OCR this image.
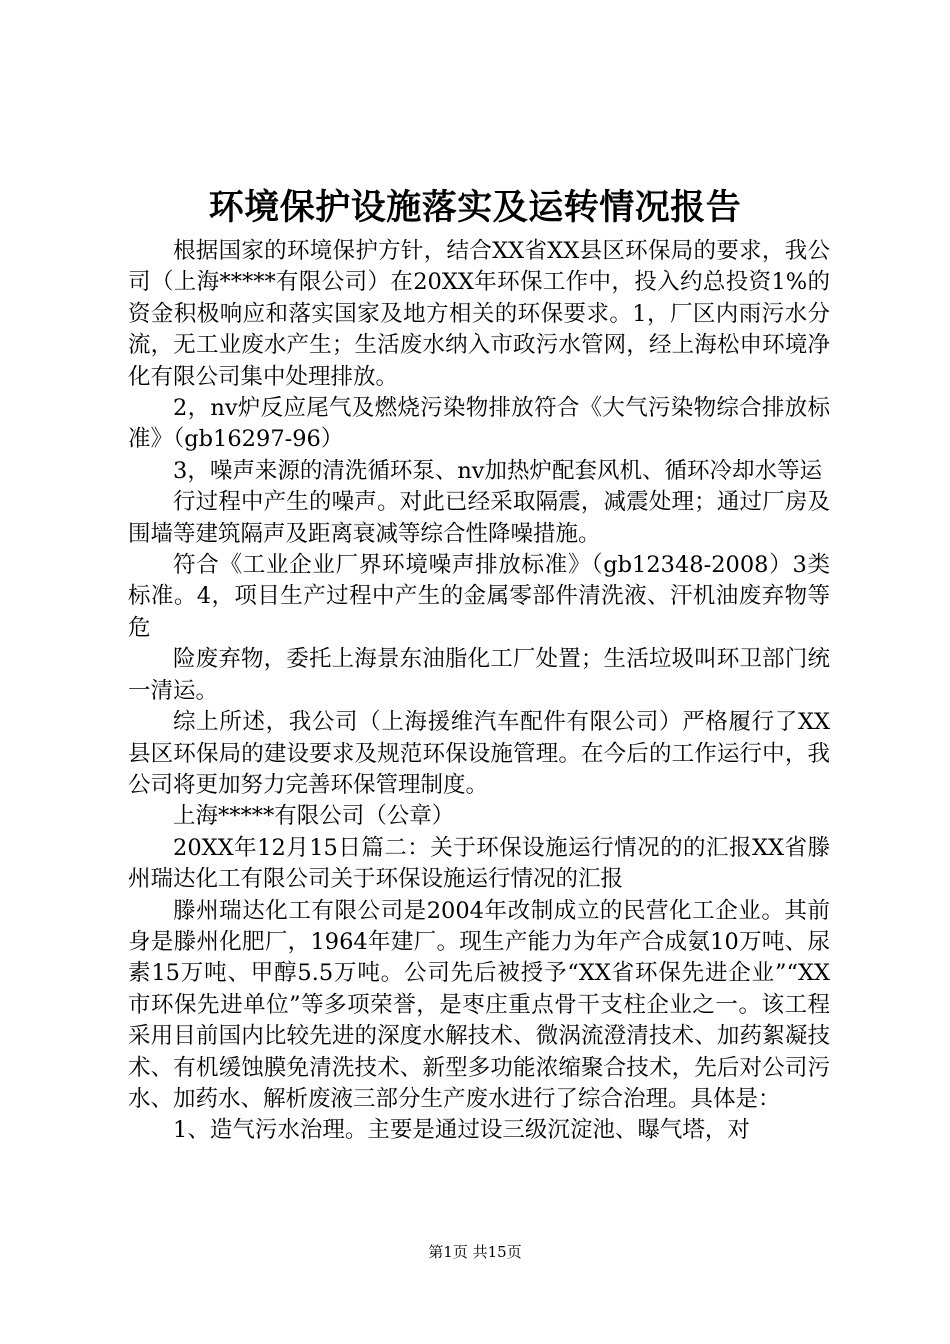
环境保护设施落实及运转情况报告

根据国家的环境保护方针，结合XX省XX县区环保局的要求，我公司（上海*****有限公司）在20XX年环保工作中，投入约总投资1%的资金积极响应和落实国家及地方相关的环保要求。1，厂区内雨污水分流，无工业废水产生；生活废水纳入市政污水管网，经上海松申环境净化有限公司集中处理排放。

2，nv炉反应尾气及燃烧污染物排放符合《大气污染物综合排放标准》（gb16297-96）

3，噪声来源的清洗循环泵、nv加热炉配套风机、循环冷却水等运

行过程中产生的噪声。对此已经采取隔震，减震处理；通过厂房及围墙等建筑隔声及距离衰减等综合性降噪措施。

符合《工业企业厂界环境噪声排放标准》（gb12348-2008）3类标准。4，项目生产过程中产生的金属零部件清洗液、汗机油废弃物等危

险废弃物，委托上海景东油脂化工厂处置；生活垃圾叫环卫部门统一清运。

综上所述，我公司（上海援维汽车配件有限公司）严格履行了XX县区环保局的建设要求及规范环保设施管理。在今后的工作运行中，我公司将更加努力完善环保管理制度。

上海*****有限公司（公章）

20XX年12月15日篇二：关于环保设施运行情况的的汇报XX省滕州瑞达化工有限公司关于环保设施运行情况的汇报

滕州瑞达化工有限公司是2004年改制成立的民营化工企业。其前身是滕州化肥厂，1964年建厂。现生产能力为年产合成氨10万吨、尿素15万吨、甲醇5.5万吨。公司先后被授予“XX省环保先进企业”“XX市环保先进单位”等多项荣誉，是枣庄重点骨干支柱企业之一。该工程采用目前国内比较先进的深度水解技术、微涡流澄清技术、加药絮凝技术、有机缓蚀膜免清洗技术、新型多功能浓缩聚合技术，先后对公司污水、加药水、解析废液三部分生产废水进行了综合治理。具体是：

1、造气污水治理。主要是通过设三级沉淀池、曝气塔，对

第1页 共15页
